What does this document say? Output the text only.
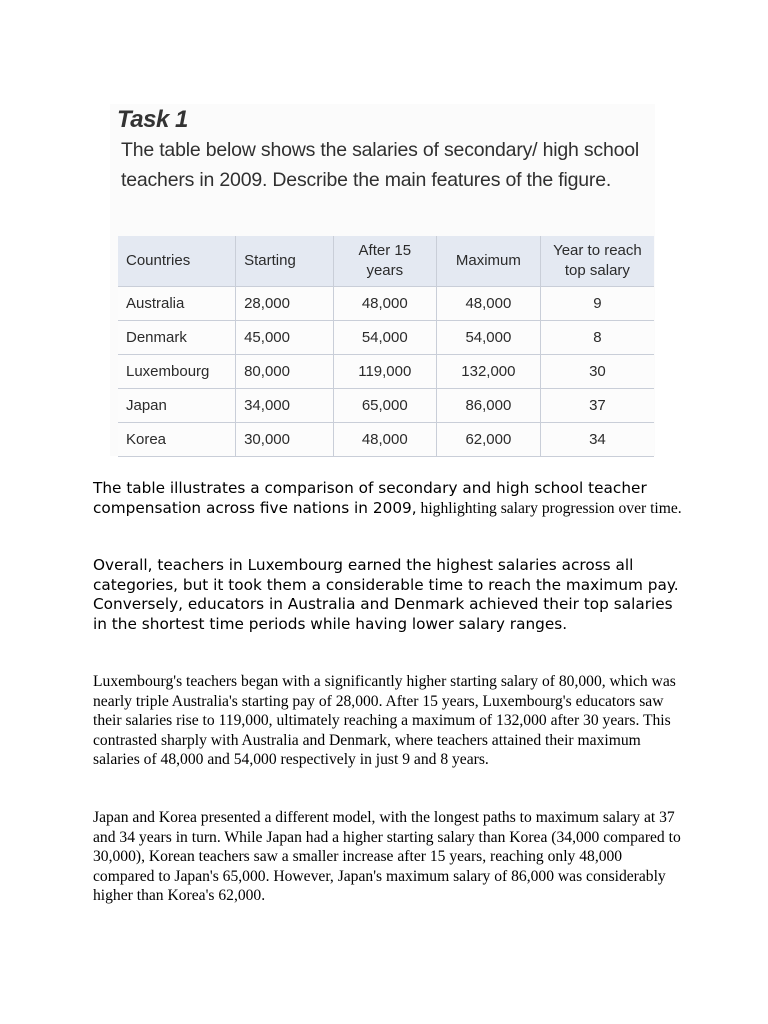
Task 1
The table below shows the salaries of secondary/ high school teachers in 2009. Describe the main features of the figure.
Countries	Starting	After 15 years	Maximum	Year to reach top salary
Australia	28,000	48,000	48,000	9
Denmark	45,000	54,000	54,000	8
Luxembourg	80,000	119,000	132,000	30
Japan	34,000	65,000	86,000	37
Korea	30,000	48,000	62,000	34

The table illustrates a comparison of secondary and high school teacher compensation across five nations in 2009, highlighting salary progression over time.

Overall, teachers in Luxembourg earned the highest salaries across all categories, but it took them a considerable time to reach the maximum pay. Conversely, educators in Australia and Denmark achieved their top salaries in the shortest time periods while having lower salary ranges.

Luxembourg's teachers began with a significantly higher starting salary of 80,000, which was nearly triple Australia's starting pay of 28,000. After 15 years, Luxembourg's educators saw their salaries rise to 119,000, ultimately reaching a maximum of 132,000 after 30 years. This contrasted sharply with Australia and Denmark, where teachers attained their maximum salaries of 48,000 and 54,000 respectively in just 9 and 8 years.

Japan and Korea presented a different model, with the longest paths to maximum salary at 37 and 34 years in turn. While Japan had a higher starting salary than Korea (34,000 compared to 30,000), Korean teachers saw a smaller increase after 15 years, reaching only 48,000 compared to Japan's 65,000. However, Japan's maximum salary of 86,000 was considerably higher than Korea's 62,000.
